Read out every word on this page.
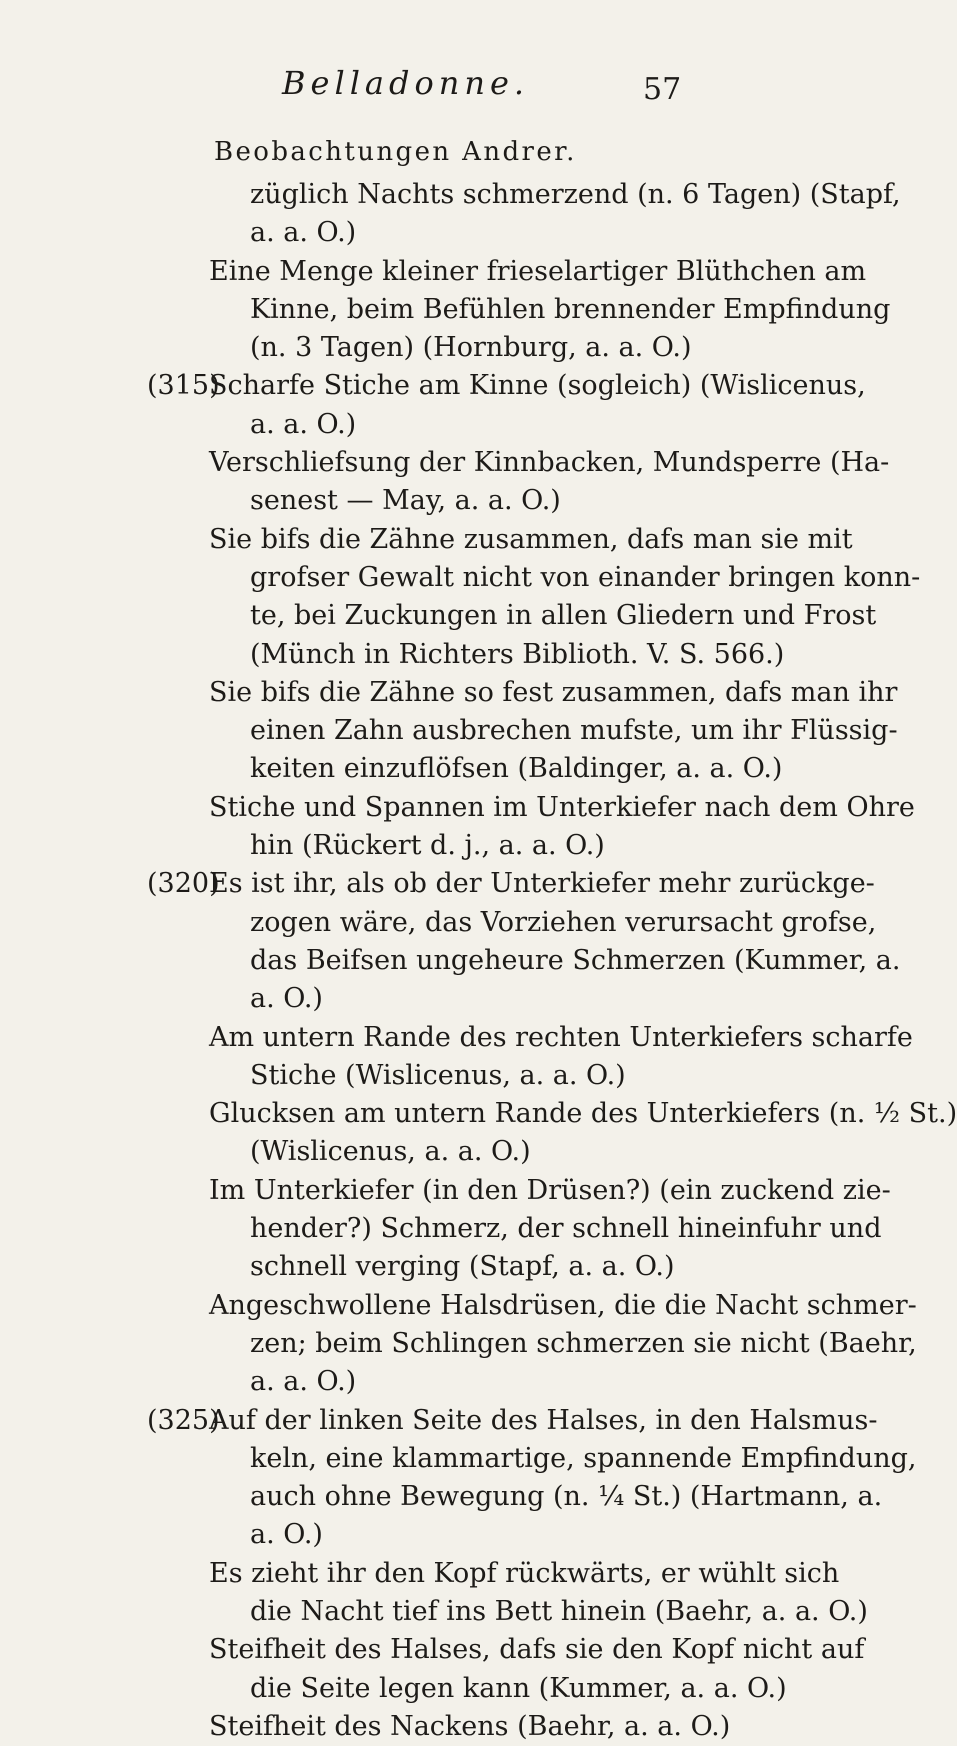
Belladonne.	57
Beobachtungen Andrer.
züglich Nachts schmerzend (n. 6 Tagen) (Stapf,
a. a. O.)
Eine Menge kleiner frieselartiger Blüthchen am
Kinne, beim Befühlen brennender Empfindung
(n. 3 Tagen) (Hornburg, a. a. O.)
(315)
Scharfe Stiche am Kinne (sogleich) (Wislicenus,
a. a. O.)
Verschliefsung der Kinnbacken, Mundsperre (Ha-
senest — May, a. a. O.)
Sie bifs die Zähne zusammen, dafs man sie mit
grofser Gewalt nicht von einander bringen konn-
te, bei Zuckungen in allen Gliedern und Frost
(Münch in Richters Biblioth. V. S. 566.)
Sie bifs die Zähne so fest zusammen, dafs man ihr
einen Zahn ausbrechen mufste, um ihr Flüssig-
keiten einzuflöfsen (Baldinger, a. a. O.)
Stiche und Spannen im Unterkiefer nach dem Ohre
hin (Rückert d. j., a. a. O.)
(320)
Es ist ihr, als ob der Unterkiefer mehr zurückge-
zogen wäre, das Vorziehen verursacht grofse,
das Beifsen ungeheure Schmerzen (Kummer, a.
a. O.)
Am untern Rande des rechten Unterkiefers scharfe
Stiche (Wislicenus, a. a. O.)
Glucksen am untern Rande des Unterkiefers (n. ½ St.)
(Wislicenus, a. a. O.)
Im Unterkiefer (in den Drüsen?) (ein zuckend zie-
hender?) Schmerz, der schnell hineinfuhr und
schnell verging (Stapf, a. a. O.)
Angeschwollene Halsdrüsen, die die Nacht schmer-
zen; beim Schlingen schmerzen sie nicht (Baehr,
a. a. O.)
(325)
Auf der linken Seite des Halses, in den Halsmus-
keln, eine klammartige, spannende Empfindung,
auch ohne Bewegung (n. ¼ St.) (Hartmann, a.
a. O.)
Es zieht ihr den Kopf rückwärts, er wühlt sich
die Nacht tief ins Bett hinein (Baehr, a. a. O.)
Steifheit des Halses, dafs sie den Kopf nicht auf
die Seite legen kann (Kummer, a. a. O.)
Steifheit des Nackens (Baehr, a. a. O.)
